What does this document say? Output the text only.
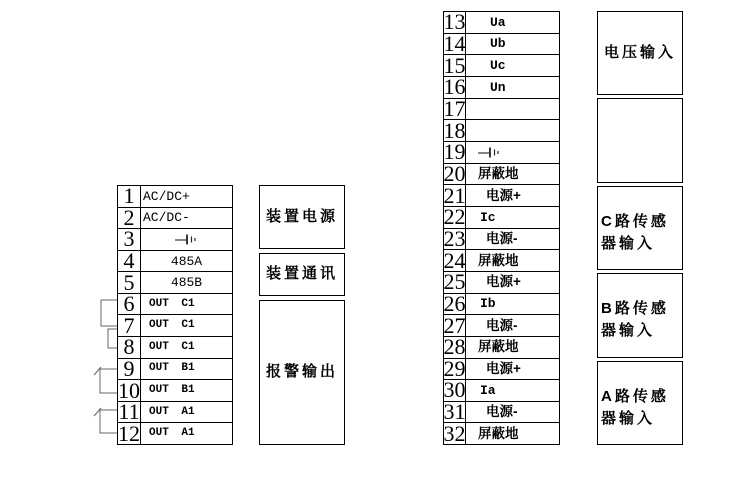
1 AC/DC+
2 AC/DC-
3
4	485A
5	485B
6	OUT C1
7	OUT C1
8	OUT C1
9	OUT B1
10 OUT B1
11 OUT A1
12 OUT A1
装置电源
装置通讯
报警输出
13 Ua
14 Ub
15 Uc
16 Un
17
18
19
20 屏蔽地
21 电源+
22 Ic
23 电源-
24 屏蔽地
25 电源+
26 Ib
27 电源-
28 屏蔽地
29 电源+
30 Ia
31 电源-
32 屏蔽地
电压输入
C路传感器输入
B路传感器输入
A路传感器输入
